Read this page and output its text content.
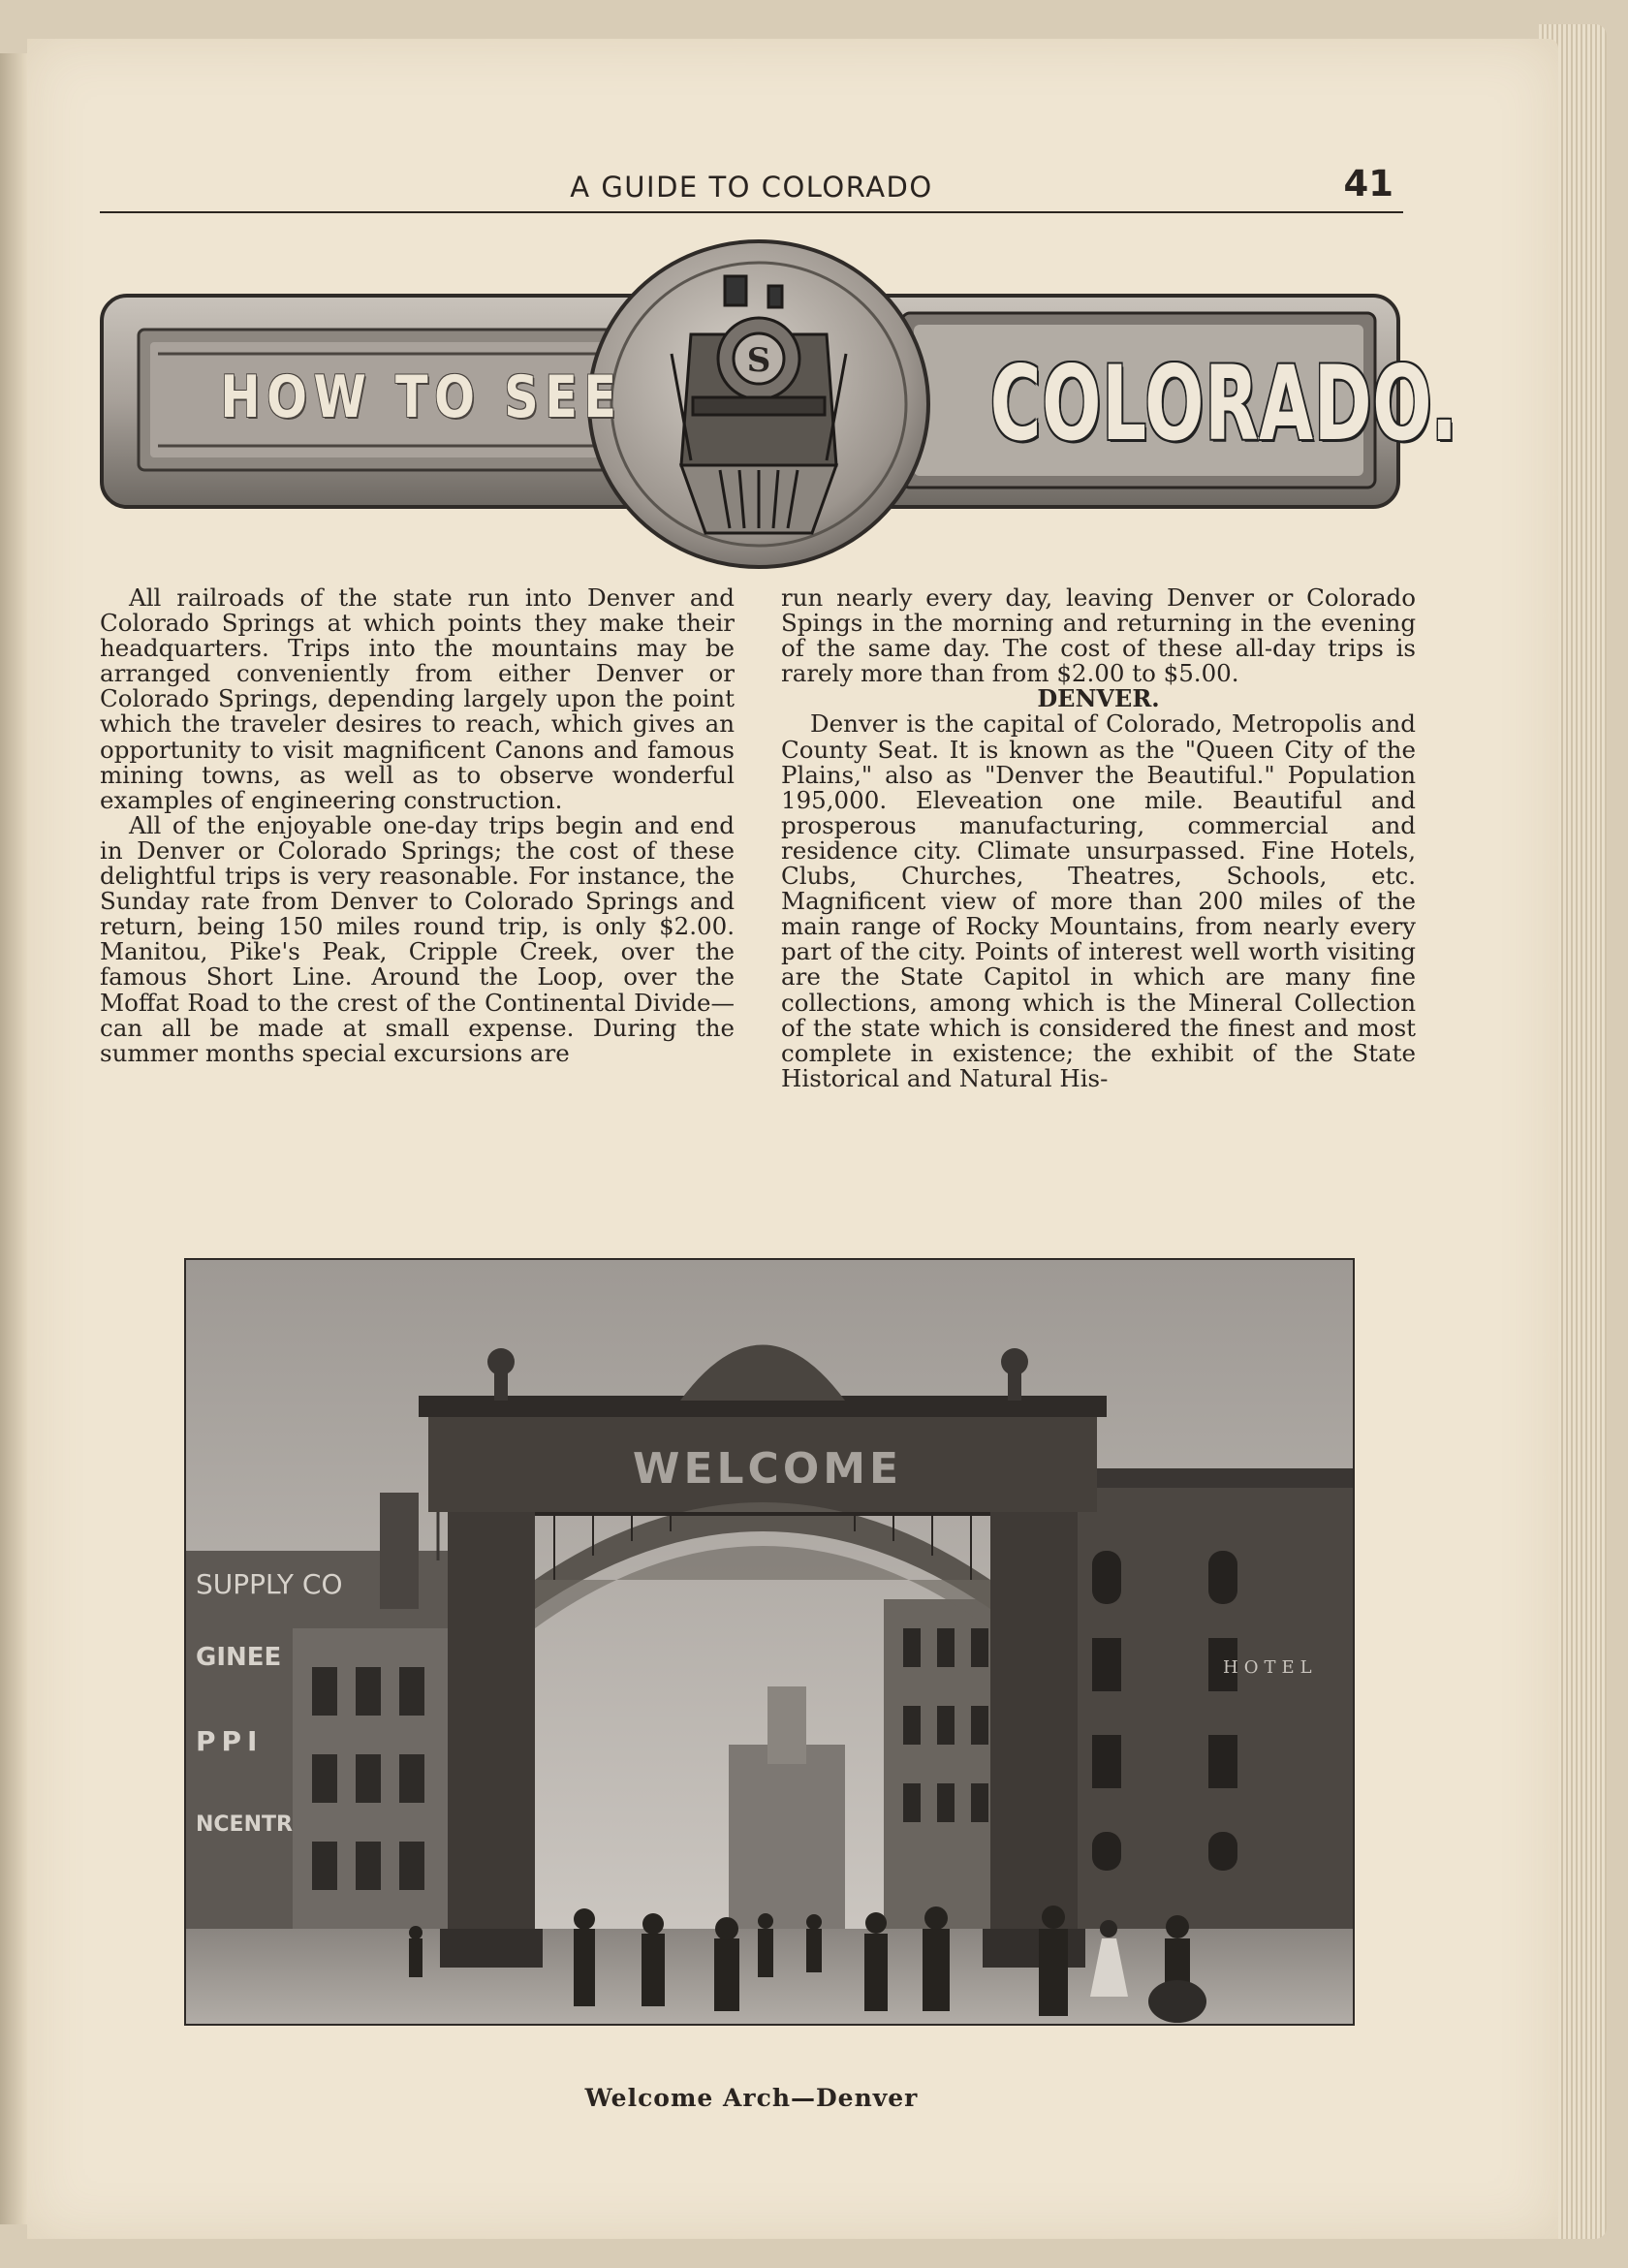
A GUIDE TO COLORADO	41
S
HOW TO SEE	COLORADO.

All railroads of the state run into Denver and Colorado Springs at which points they make their headquarters. Trips into the mountains may be arranged conveniently from either Denver or Colorado Springs, depending largely upon the point which the traveler desires to reach, which gives an opportunity to visit magnificent Canons and famous mining towns, as well as to observe wonderful examples of engineering construction.

All of the enjoyable one-day trips begin and end in Denver or Colorado Springs; the cost of these delightful trips is very reasonable. For instance, the Sunday rate from Denver to Colorado Springs and return, being 150 miles round trip, is only $2.00. Manitou, Pike's Peak, Cripple Creek, over the famous Short Line. Around the Loop, over the Moffat Road to the crest of the Continental Divide—can all be made at small expense. During the summer months special excursions are

run nearly every day, leaving Denver or Colorado Spings in the morning and returning in the evening of the same day. The cost of these all-day trips is rarely more than from $2.00 to $5.00.

DENVER.

Denver is the capital of Colorado, Metropolis and County Seat. It is known as the "Queen City of the Plains," also as "Denver the Beautiful." Population 195,000. Eleveation one mile. Beautiful and prosperous manufacturing, commercial and residence city. Climate unsurpassed. Fine Hotels, Clubs, Churches, Theatres, Schools, etc. Magnificent view of more than 200 miles of the main range of Rocky Mountains, from nearly every part of the city. Points of interest well worth visiting are the State Capitol in which are many fine collections, among which is the Mineral Collection of the state which is considered the finest and most complete in existence; the exhibit of the State Historical and Natural His-

WELCOME
SUPPLY CO
GINEE
PPI
NCENTR
HOTEL
Welcome Arch—Denver
